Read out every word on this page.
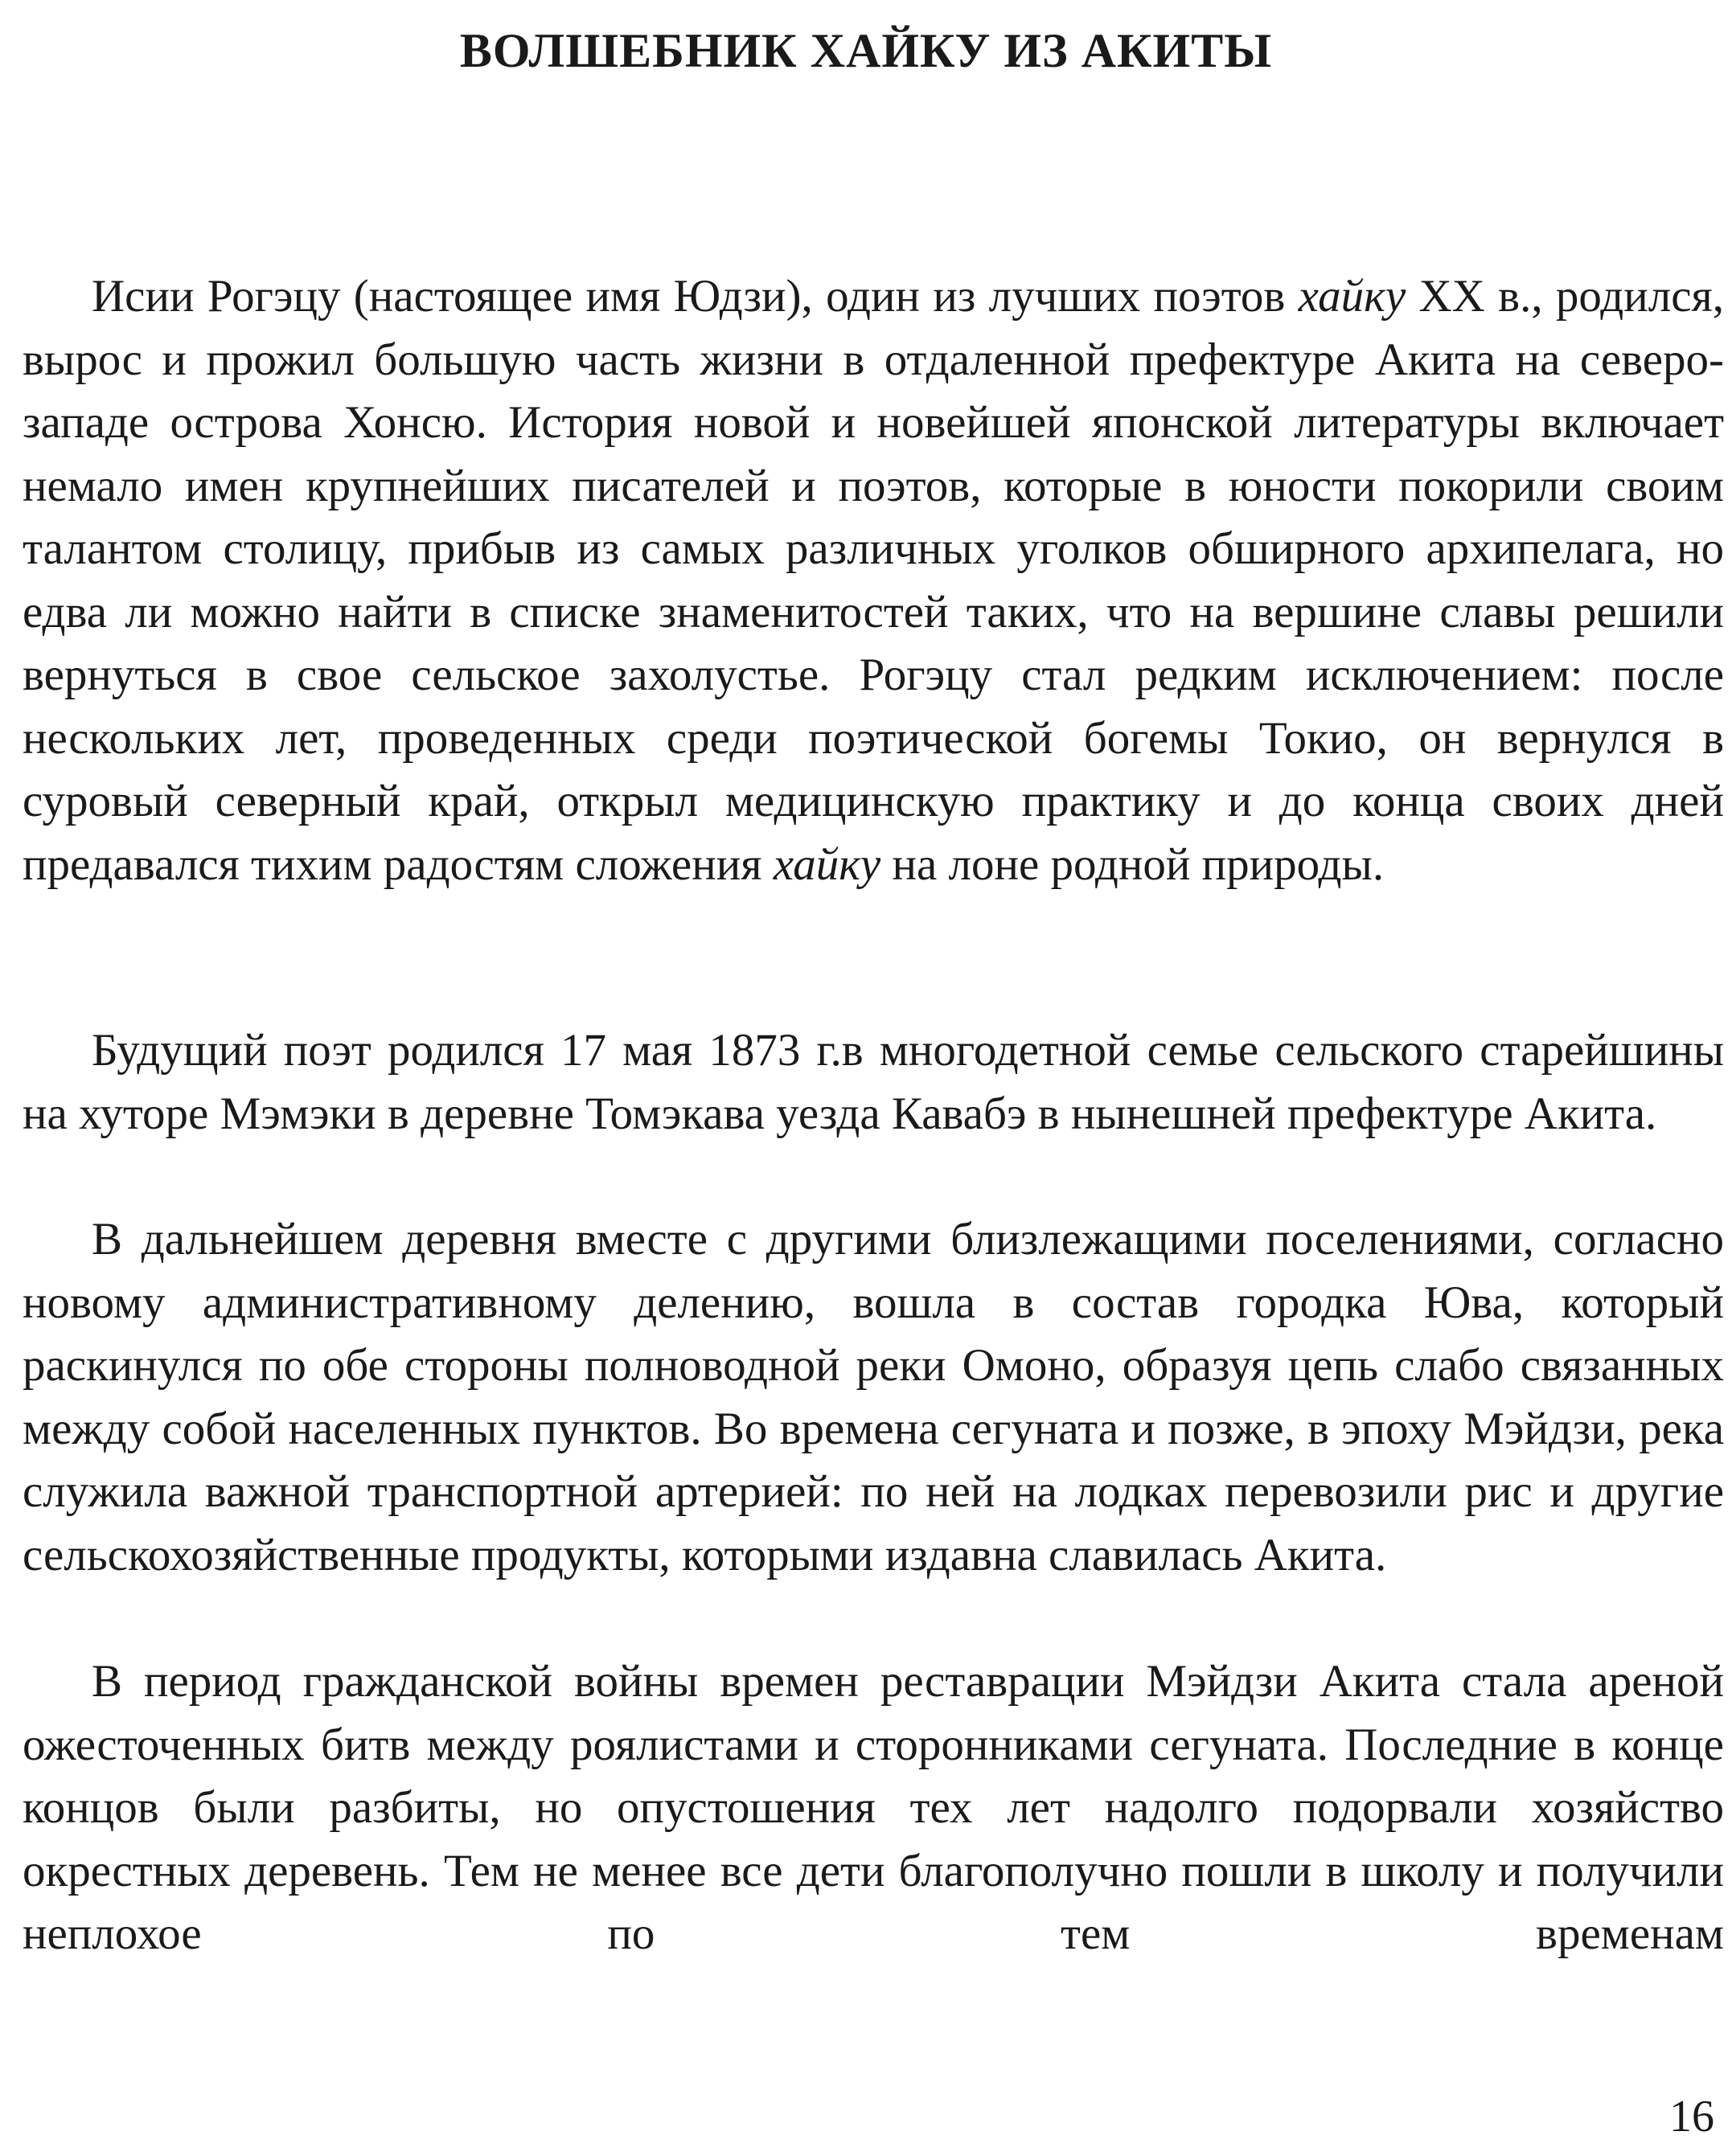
ВОЛШЕБНИК ХАЙКУ ИЗ АКИТЫ

Исии Рогэцу (настоящее имя Юдзи), один из лучших поэтов хайку XX в., родился, вырос и прожил большую часть жизни в отдаленной префектуре Акита на северо-западе острова Хонсю. История новой и новейшей японской литературы включает немало имен крупнейших писателей и поэтов, которые в юности покорили своим талантом столицу, прибыв из самых различных уголков обширного архипелага, но едва ли можно найти в списке знаменитостей таких, что на вершине славы решили вернуться в свое сельское захолустье. Рогэцу стал редким исключением: после нескольких лет, проведенных среди поэтической богемы Токио, он вернулся в суровый северный край, открыл медицинскую практику и до конца своих дней предавался тихим радостям сложения хайку на лоне родной природы.

Будущий поэт родился 17 мая 1873 г.в многодетной семье сельского старейшины на хуторе Мэмэки в деревне Томэкава уезда Кавабэ в нынешней префектуре Акита.

В дальнейшем деревня вместе с другими близлежащими поселениями, согласно новому административному делению, вошла в состав городка Юва, который раскинулся по обе стороны полноводной реки Омоно, образуя цепь слабо связанных между собой населенных пунктов. Во времена сегуната и позже, в эпоху Мэйдзи, река служила важной транспортной артерией: по ней на лодках перевозили рис и другие сельскохозяйственные продукты, которыми издавна славилась Акита.

В период гражданской войны времен реставрации Мэйдзи Акита стала ареной ожесточенных битв между роялистами и сторонниками сегуната. Последние в конце концов были разбиты, но опустошения тех лет надолго подорвали хозяйство окрестных деревень. Тем не менее все дети благополучно пошли в школу и получили неплохое по тем временам

16
